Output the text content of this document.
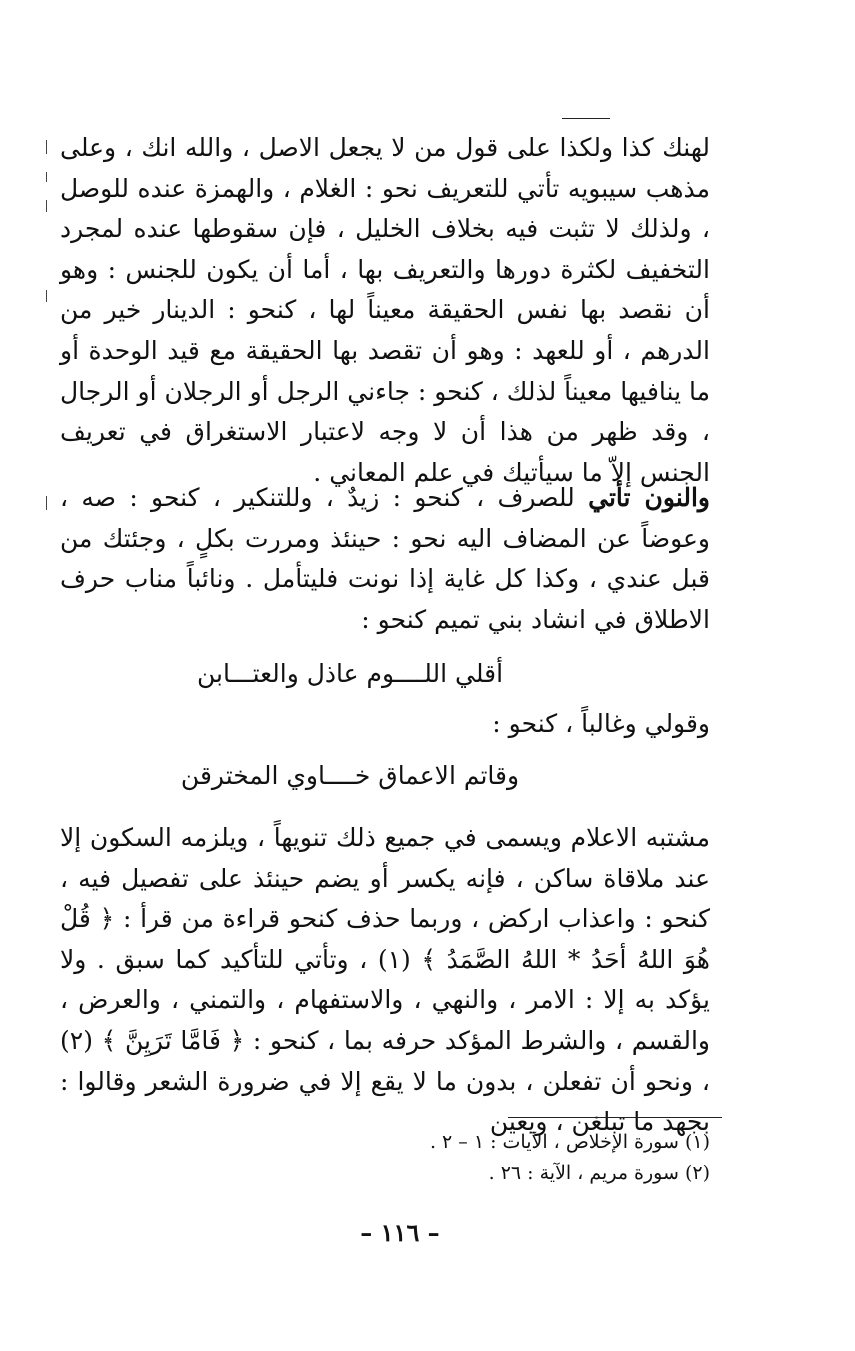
لهنك كذا ولكذا على قول من لا يجعل الاصل ، والله انك ، وعلى مذهب سيبويه تأتي للتعريف نحو : الغلام ، والهمزة عنده للوصل ، ولذلك لا تثبت فيه بخلاف الخليل ، فإن سقوطها عنده لمجرد التخفيف لكثرة دورها والتعريف بها ، أما أن يكون للجنس : وهو أن نقصد بها نفس الحقيقة معيناً لها ، كنحو : الدينار خير من الدرهم ، أو للعهد : وهو أن تقصد بها الحقيقة مع قيد الوحدة أو ما ينافيها معيناً لذلك ، كنحو : جاءني الرجل أو الرجلان أو الرجال ، وقد ظهر من هذا أن لا وجه لاعتبار الاستغراق في تعريف الجنس إلاّ ما سيأتيك في علم المعاني .

والنون تأتي للصرف ، كنحو : زيدٌ ، وللتنكير ، كنحو : صه ، وعوضاً عن المضاف اليه نحو : حينئذ ومررت بكلٍ ، وجئتك من قبل عندي ، وكذا كل غاية إذا نونت فليتأمل . ونائباً مناب حرف الاطلاق في انشاد بني تميم كنحو :

أقلي اللــــوم عاذل والعتـــابن
وقولي وغالباً ، كنحو :
وقاتم الاعماق خــــاوي المخترقن

مشتبه الاعلام ويسمى في جميع ذلك تنويهاً ، ويلزمه السكون إلا عند ملاقاة ساكن ، فإنه يكسر أو يضم حينئذ على تفصيل فيه ، كنحو : واعذاب اركض ، وربما حذف كنحو قراءة من قرأ : ﴿ قُلْ هُوَ اللهُ أحَدُ * اللهُ الصَّمَدُ ﴾ (١) ، وتأتي للتأكيد كما سبق . ولا يؤكد به إلا : الامر ، والنهي ، والاستفهام ، والتمني ، والعرض ، والقسم ، والشرط المؤكد حرفه بما ، كنحو : ﴿ فَامَّا تَرَيِنَّ ﴾ (٢) ، ونحو أن تفعلن ، بدون ما لا يقع إلا في ضرورة الشعر وقالوا : بجهد ما تبلغن ، ويعين

(١) سورة الإخلاص ، الآيات : ١ – ٢ .

(٢) سورة مريم ، الآية : ٢٦ .

– ١١٦ –
